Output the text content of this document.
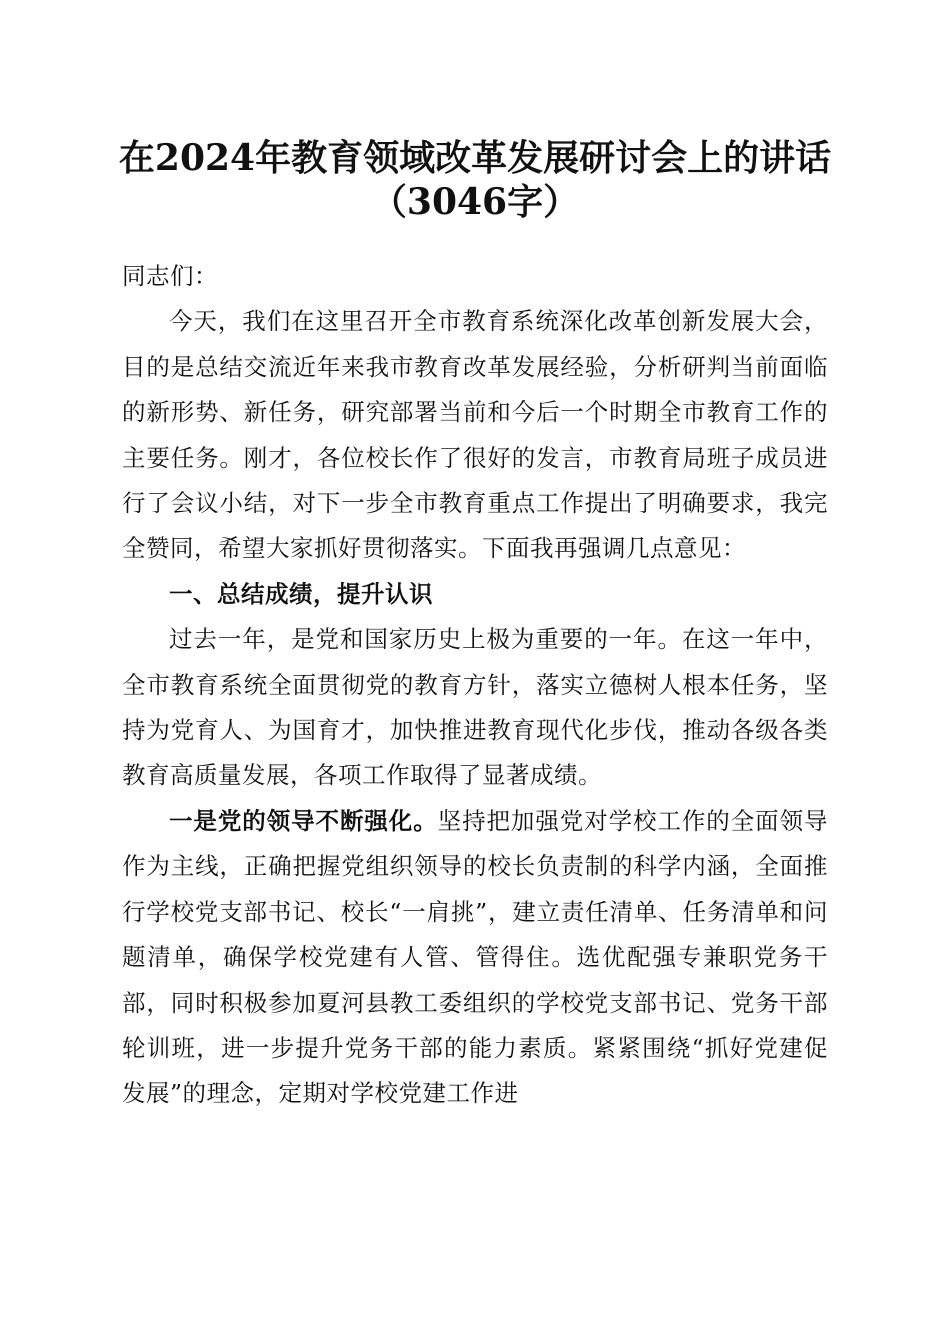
在2024年教育领域改革发展研讨会上的讲话
（3046字）

同志们：

今天，我们在这里召开全市教育系统深化改革创新发展大会，目的是总结交流近年来我市教育改革发展经验，分析研判当前面临的新形势、新任务，研究部署当前和今后一个时期全市教育工作的主要任务。刚才，各位校长作了很好的发言，市教育局班子成员进行了会议小结，对下一步全市教育重点工作提出了明确要求，我完全赞同，希望大家抓好贯彻落实。下面我再强调几点意见：

一、总结成绩，提升认识

过去一年，是党和国家历史上极为重要的一年。在这一年中，全市教育系统全面贯彻党的教育方针，落实立德树人根本任务，坚持为党育人、为国育才，加快推进教育现代化步伐，推动各级各类教育高质量发展，各项工作取得了显著成绩。

一是党的领导不断强化。坚持把加强党对学校工作的全面领导作为主线，正确把握党组织领导的校长负责制的科学内涵，全面推行学校党支部书记、校长“一肩挑”，建立责任清单、任务清单和问题清单，确保学校党建有人管、管得住。选优配强专兼职党务干部，同时积极参加夏河县教工委组织的学校党支部书记、党务干部轮训班，进一步提升党务干部的能力素质。紧紧围绕“抓好党建促发展”的理念，定期对学校党建工作进
